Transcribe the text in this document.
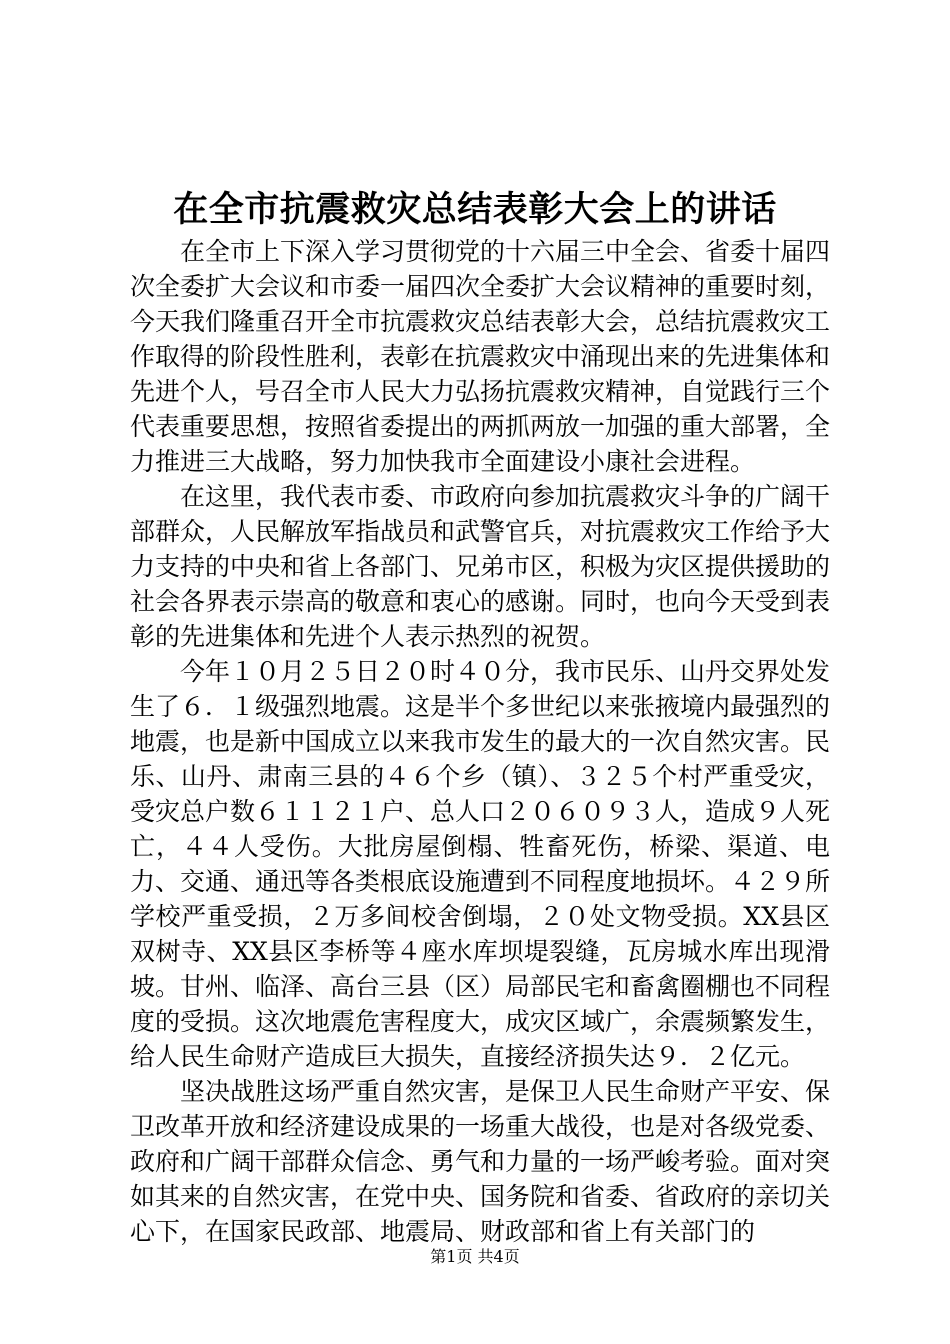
在全市抗震救灾总结表彰大会上的讲话

在全市上下深入学习贯彻党的十六届三中全会、省委十届四次全委扩大会议和市委一届四次全委扩大会议精神的重要时刻，今天我们隆重召开全市抗震救灾总结表彰大会，总结抗震救灾工作取得的阶段性胜利，表彰在抗震救灾中涌现出来的先进集体和先进个人，号召全市人民大力弘扬抗震救灾精神，自觉践行三个代表重要思想，按照省委提出的两抓两放一加强的重大部署，全力推进三大战略，努力加快我市全面建设小康社会进程。

在这里，我代表市委、市政府向参加抗震救灾斗争的广阔干部群众，人民解放军指战员和武警官兵，对抗震救灾工作给予大力支持的中央和省上各部门、兄弟市区，积极为灾区提供援助的社会各界表示崇高的敬意和衷心的感谢。同时，也向今天受到表彰的先进集体和先进个人表示热烈的祝贺。

今年１０月２５日２０时４０分，我市民乐、山丹交界处发生了６．１级强烈地震。这是半个多世纪以来张掖境内最强烈的地震，也是新中国成立以来我市发生的最大的一次自然灾害。民乐、山丹、肃南三县的４６个乡（镇）、３２５个村严重受灾，受灾总户数６１１２１户、总人口２０６０９３人，造成９人死亡，４４人受伤。大批房屋倒榻、牲畜死伤，桥梁、渠道、电力、交通、通迅等各类根底设施遭到不同程度地损坏。４２９所学校严重受损，２万多间校舍倒塌，２０处文物受损。XX县区双树寺、XX县区李桥等４座水库坝堤裂缝，瓦房城水库出现滑坡。甘州、临泽、高台三县（区）局部民宅和畜禽圈棚也不同程度的受损。这次地震危害程度大，成灾区域广，余震频繁发生，给人民生命财产造成巨大损失，直接经济损失达９．２亿元。

坚决战胜这场严重自然灾害，是保卫人民生命财产平安、保卫改革开放和经济建设成果的一场重大战役，也是对各级党委、政府和广阔干部群众信念、勇气和力量的一场严峻考验。面对突如其来的自然灾害，在党中央、国务院和省委、省政府的亲切关心下，在国家民政部、地震局、财政部和省上有关部门的

第1页 共4页
